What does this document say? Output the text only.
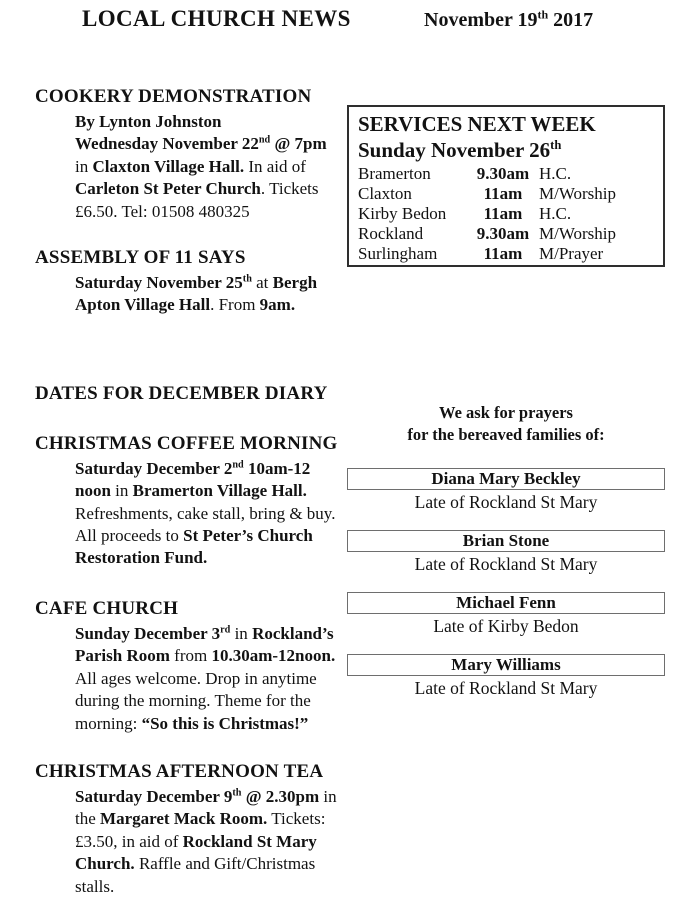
LOCAL CHURCH NEWS	November 19th 2017
COOKERY DEMONSTRATION
By Lynton Johnston
Wednesday November 22nd @ 7pm
in Claxton Village Hall. In aid of
Carleton St Peter Church. Tickets
£6.50. Tel: 01508 480325
ASSEMBLY OF 11 SAYS
Saturday November 25th at Bergh
Apton Village Hall. From 9am.
DATES FOR DECEMBER DIARY
CHRISTMAS COFFEE MORNING
Saturday December 2nd 10am-12
noon in Bramerton Village Hall.
Refreshments, cake stall, bring & buy.
All proceeds to St Peter’s Church
Restoration Fund.
CAFE CHURCH
Sunday December 3rd in Rockland’s
Parish Room from 10.30am-12noon.
All ages welcome. Drop in anytime
during the morning. Theme for the
morning: “So this is Christmas!”
CHRISTMAS AFTERNOON TEA
Saturday December 9th @ 2.30pm in
the Margaret Mack Room. Tickets:
£3.50, in aid of Rockland St Mary
Church. Raffle and Gift/Christmas
stalls.
SERVICES NEXT WEEK
Sunday November 26th
Bramerton	9.30am H.C.
Claxton	11am M/Worship
Kirby Bedon	11am H.C.
Rockland	9.30am M/Worship
Surlingham	11am M/Prayer
We ask for prayers
for the bereaved families of:
Diana Mary Beckley
Late of Rockland St Mary
Brian Stone
Late of Rockland St Mary
Michael Fenn
Late of Kirby Bedon
Mary Williams
Late of Rockland St Mary
